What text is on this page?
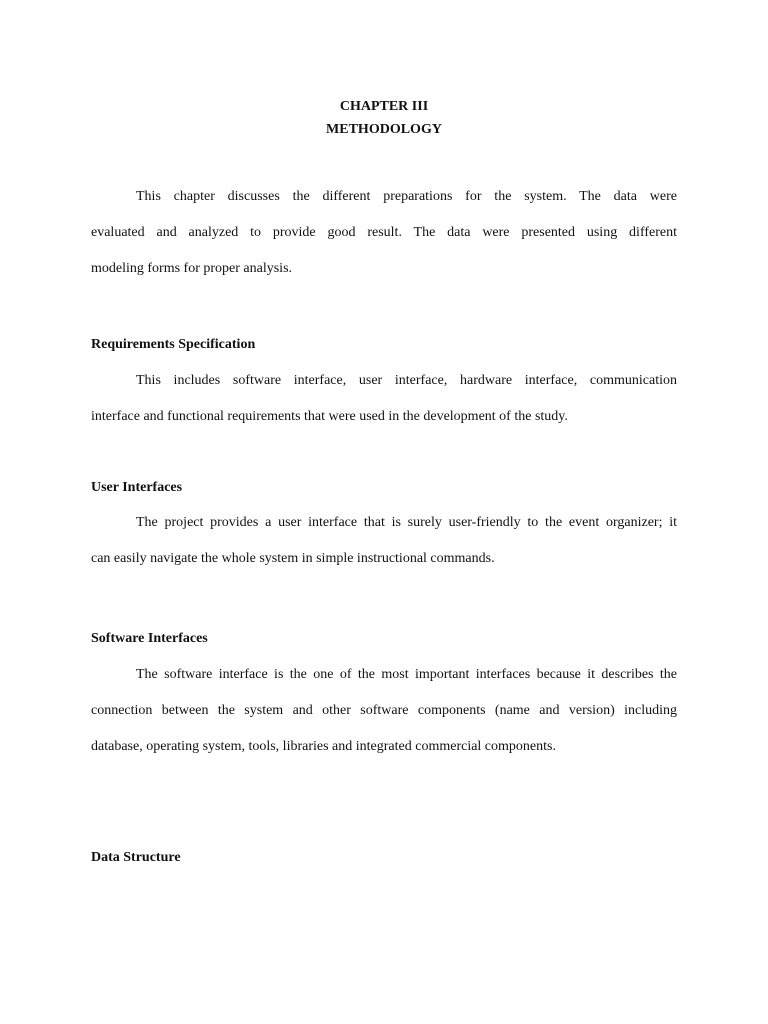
CHAPTER III
METHODOLOGY
This chapter discusses the different preparations for the system. The data were
evaluated and analyzed to provide good result. The data were presented using different
modeling forms for proper analysis.
Requirements Specification
This includes software interface, user interface, hardware interface, communication
interface and functional requirements that were used in the development of the study.
User Interfaces
The project provides a user interface that is surely user-friendly to the event organizer; it
can easily navigate the whole system in simple instructional commands.
Software Interfaces
The software interface is the one of the most important interfaces because it describes the
connection between the system and other software components (name and version) including
database, operating system, tools, libraries and integrated commercial components.
Data Structure
